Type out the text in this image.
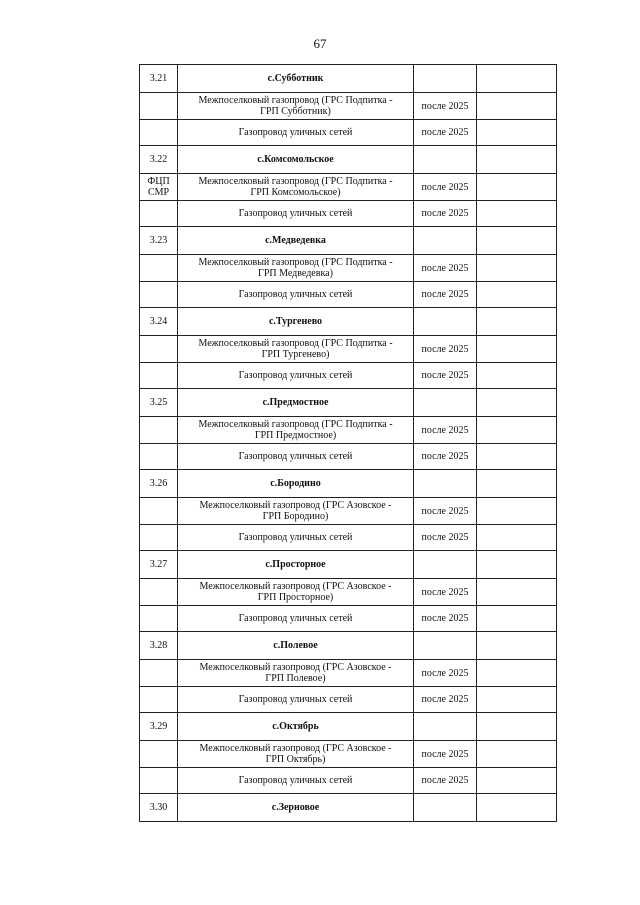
67
3.21	с.Субботник		
	Межпоселковый газопровод (ГРС Подпитка -
ГРП Субботник)	после 2025	
	Газопровод уличных сетей	после 2025	
3.22	с.Комсомольское		
ФЦП
СМР	Межпоселковый газопровод (ГРС Подпитка -
ГРП Комсомольское)	после 2025	
	Газопровод уличных сетей	после 2025	
3.23	с.Медведевка		
	Межпоселковый газопровод (ГРС Подпитка -
ГРП Медведевка)	после 2025	
	Газопровод уличных сетей	после 2025	
3.24	с.Тургенево		
	Межпоселковый газопровод (ГРС Подпитка -
ГРП Тургенево)	после 2025	
	Газопровод уличных сетей	после 2025	
3.25	с.Предмостное		
	Межпоселковый газопровод (ГРС Подпитка -
ГРП Предмостное)	после 2025	
	Газопровод уличных сетей	после 2025	
3.26	с.Бородино		
	Межпоселковый газопровод (ГРС Азовское -
ГРП Бородино)	после 2025	
	Газопровод уличных сетей	после 2025	
3.27	с.Просторное		
	Межпоселковый газопровод (ГРС Азовское -
ГРП Просторное)	после 2025	
	Газопровод уличных сетей	после 2025	
3.28	с.Полевое		
	Межпоселковый газопровод (ГРС Азовское -
ГРП Полевое)	после 2025	
	Газопровод уличных сетей	после 2025	
3.29	с.Октябрь		
	Межпоселковый газопровод (ГРС Азовское -
ГРП Октябрь)	после 2025	
	Газопровод уличных сетей	после 2025	
3.30	с.Зерновое		
